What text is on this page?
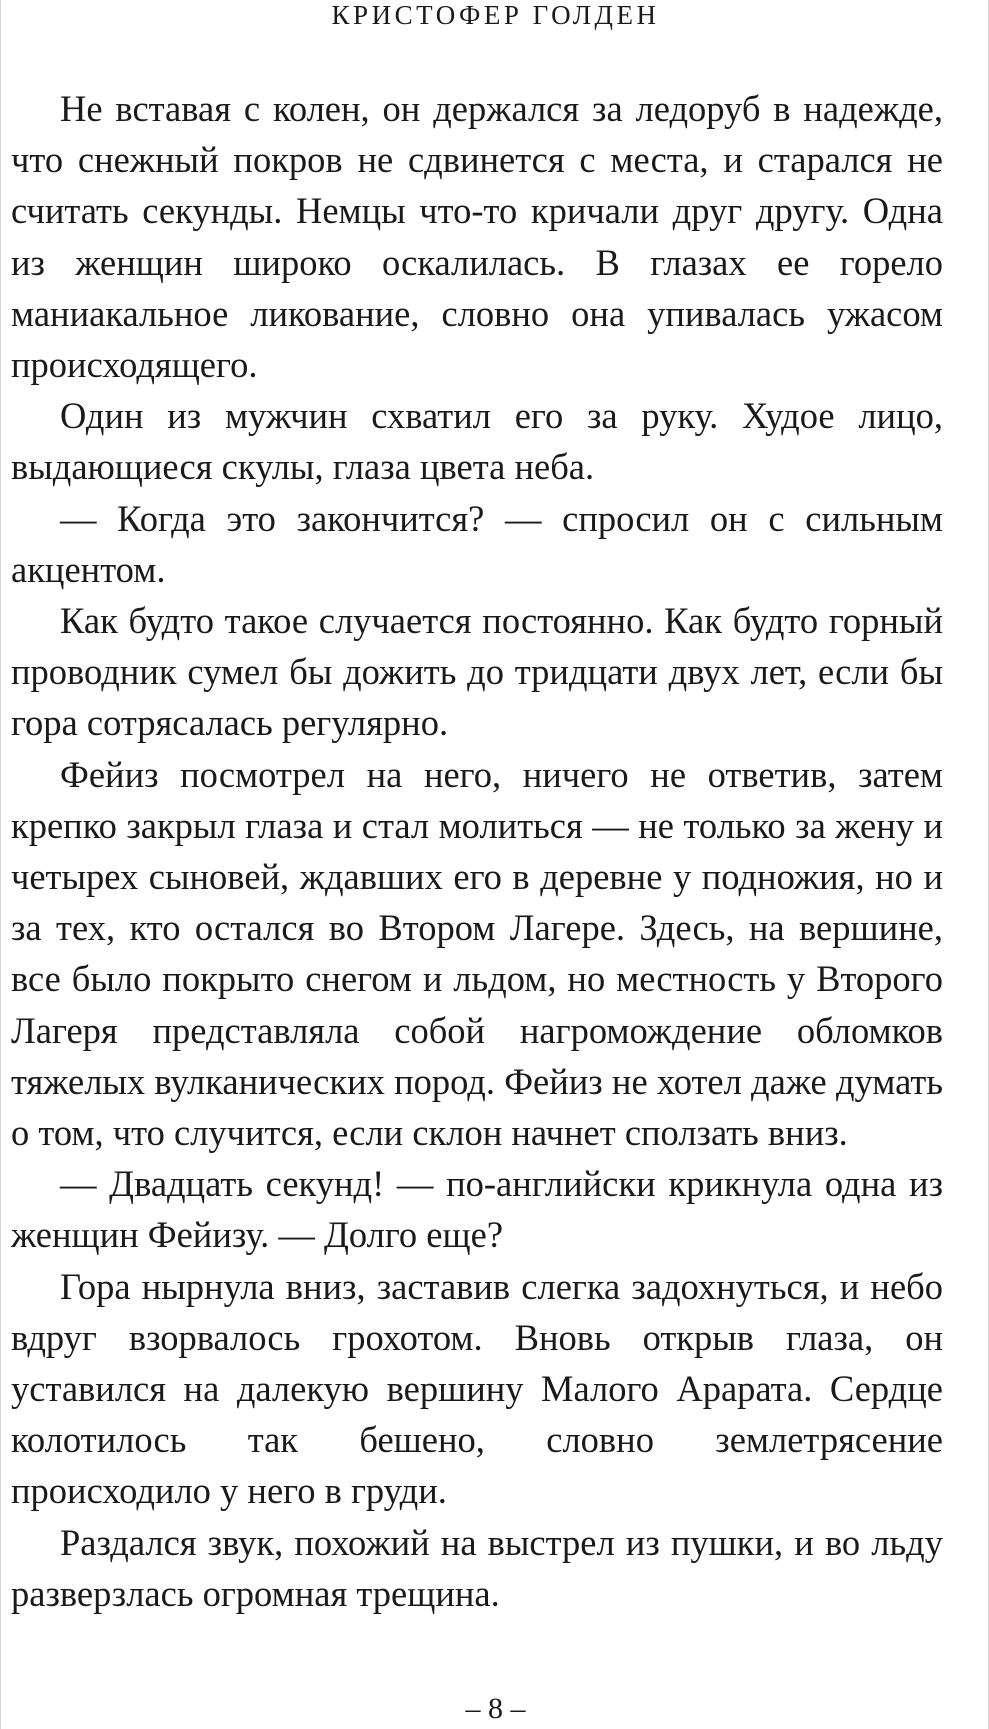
КРИСТОФЕР ГОЛДЕН

Не вставая с колен, он держался за ледоруб в надежде, что снежный покров не сдвинется с места, и старался не считать секунды. Немцы что-то кричали друг другу. Одна из женщин широко оскалилась. В глазах ее горело маниакальное ликование, словно она упивалась ужасом происходящего.

Один из мужчин схватил его за руку. Худое лицо, выдающиеся скулы, глаза цвета неба.

— Когда это закончится? — спросил он с сильным акцентом.

Как будто такое случается постоянно. Как будто горный проводник сумел бы дожить до тридцати двух лет, если бы гора сотрясалась регулярно.

Фейиз посмотрел на него, ничего не ответив, затем крепко закрыл глаза и стал молиться — не только за жену и четырех сыновей, ждавших его в деревне у подножия, но и за тех, кто остался во Втором Лагере. Здесь, на вершине, все было покрыто снегом и льдом, но местность у Второго Лагеря представляла собой нагромождение обломков тяжелых вулканических пород. Фейиз не хотел даже думать о том, что случится, если склон начнет сползать вниз.

— Двадцать секунд! — по-английски крикнула одна из женщин Фейизу. — Долго еще?

Гора нырнула вниз, заставив слегка задохнуться, и небо вдруг взорвалось грохотом. Вновь открыв глаза, он уставился на далекую вершину Малого Арарата. Сердце колотилось так бешено, словно землетрясение происходило у него в груди.

Раздался звук, похожий на выстрел из пушки, и во льду разверзлась огромная трещина.

– 8 –
